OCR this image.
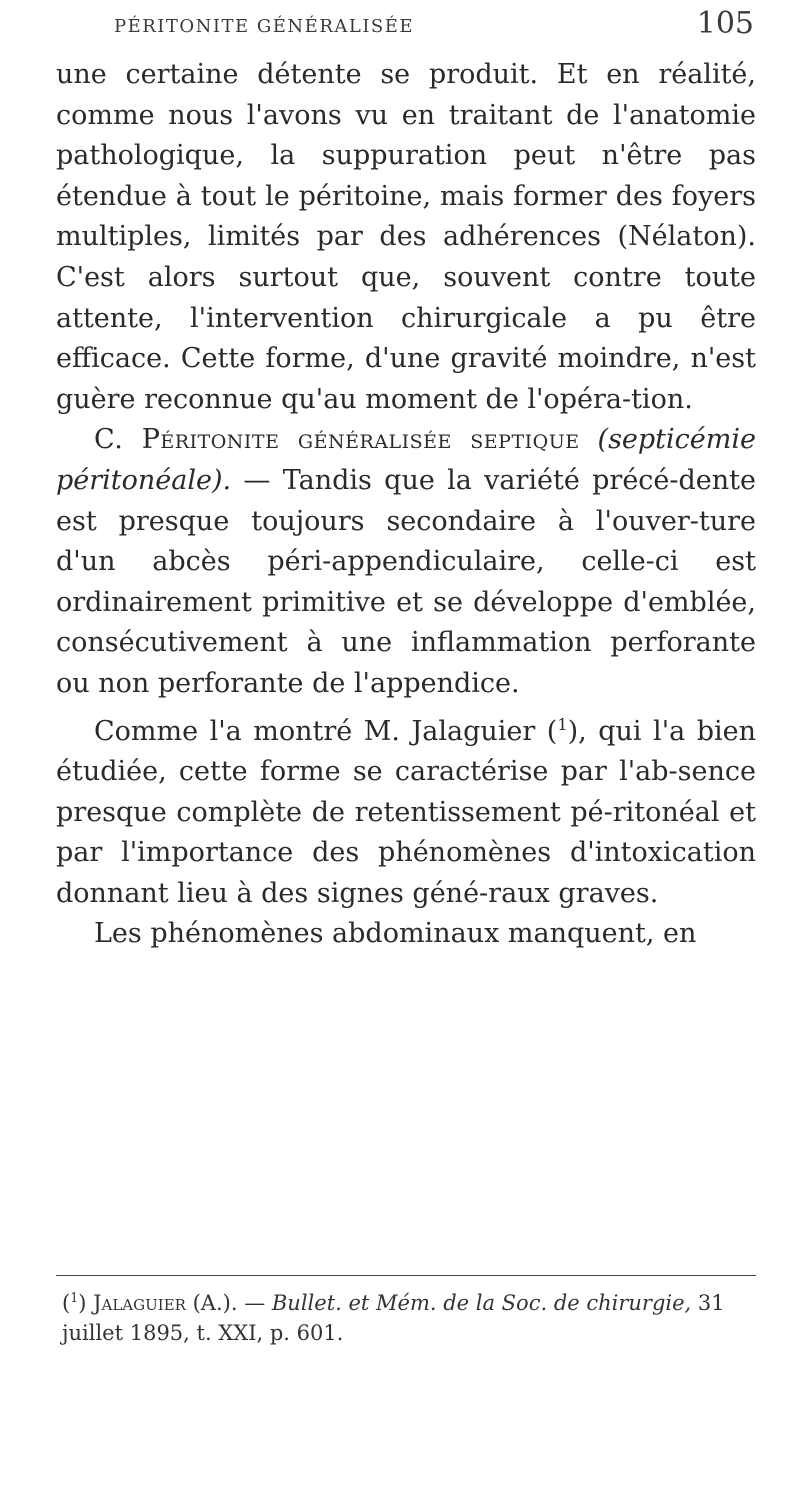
PÉRITONITE GÉNÉRALISÉE	105

une certaine détente se produit. Et en réalité, comme nous l'avons vu en traitant de l'anatomie pathologique, la suppuration peut n'être pas étendue à tout le péritoine, mais former des foyers multiples, limités par des adhérences (Nélaton). C'est alors surtout que, souvent contre toute attente, l'intervention chirurgicale a pu être efficace. Cette forme, d'une gravité moindre, n'est guère reconnue qu'au moment de l'opéra-tion.

C. Péritonite généralisée septique (septicémie péritonéale). — Tandis que la variété précé-dente est presque toujours secondaire à l'ouver-ture d'un abcès péri-appendiculaire, celle-ci est ordinairement primitive et se développe d'emblée, consécutivement à une inflammation perforante ou non perforante de l'appendice.

Comme l'a montré M. Jalaguier ($^1$), qui l'a bien étudiée, cette forme se caractérise par l'ab-sence presque complète de retentissement pé-ritonéal et par l'importance des phénomènes d'intoxication donnant lieu à des signes géné-raux graves.

Les phénomènes abdominaux manquent, en

($^1$) Jalaguier (A.). — Bullet. et Mém. de la Soc. de chirurgie, 31 juillet 1895, t. XXI, p. 601.
